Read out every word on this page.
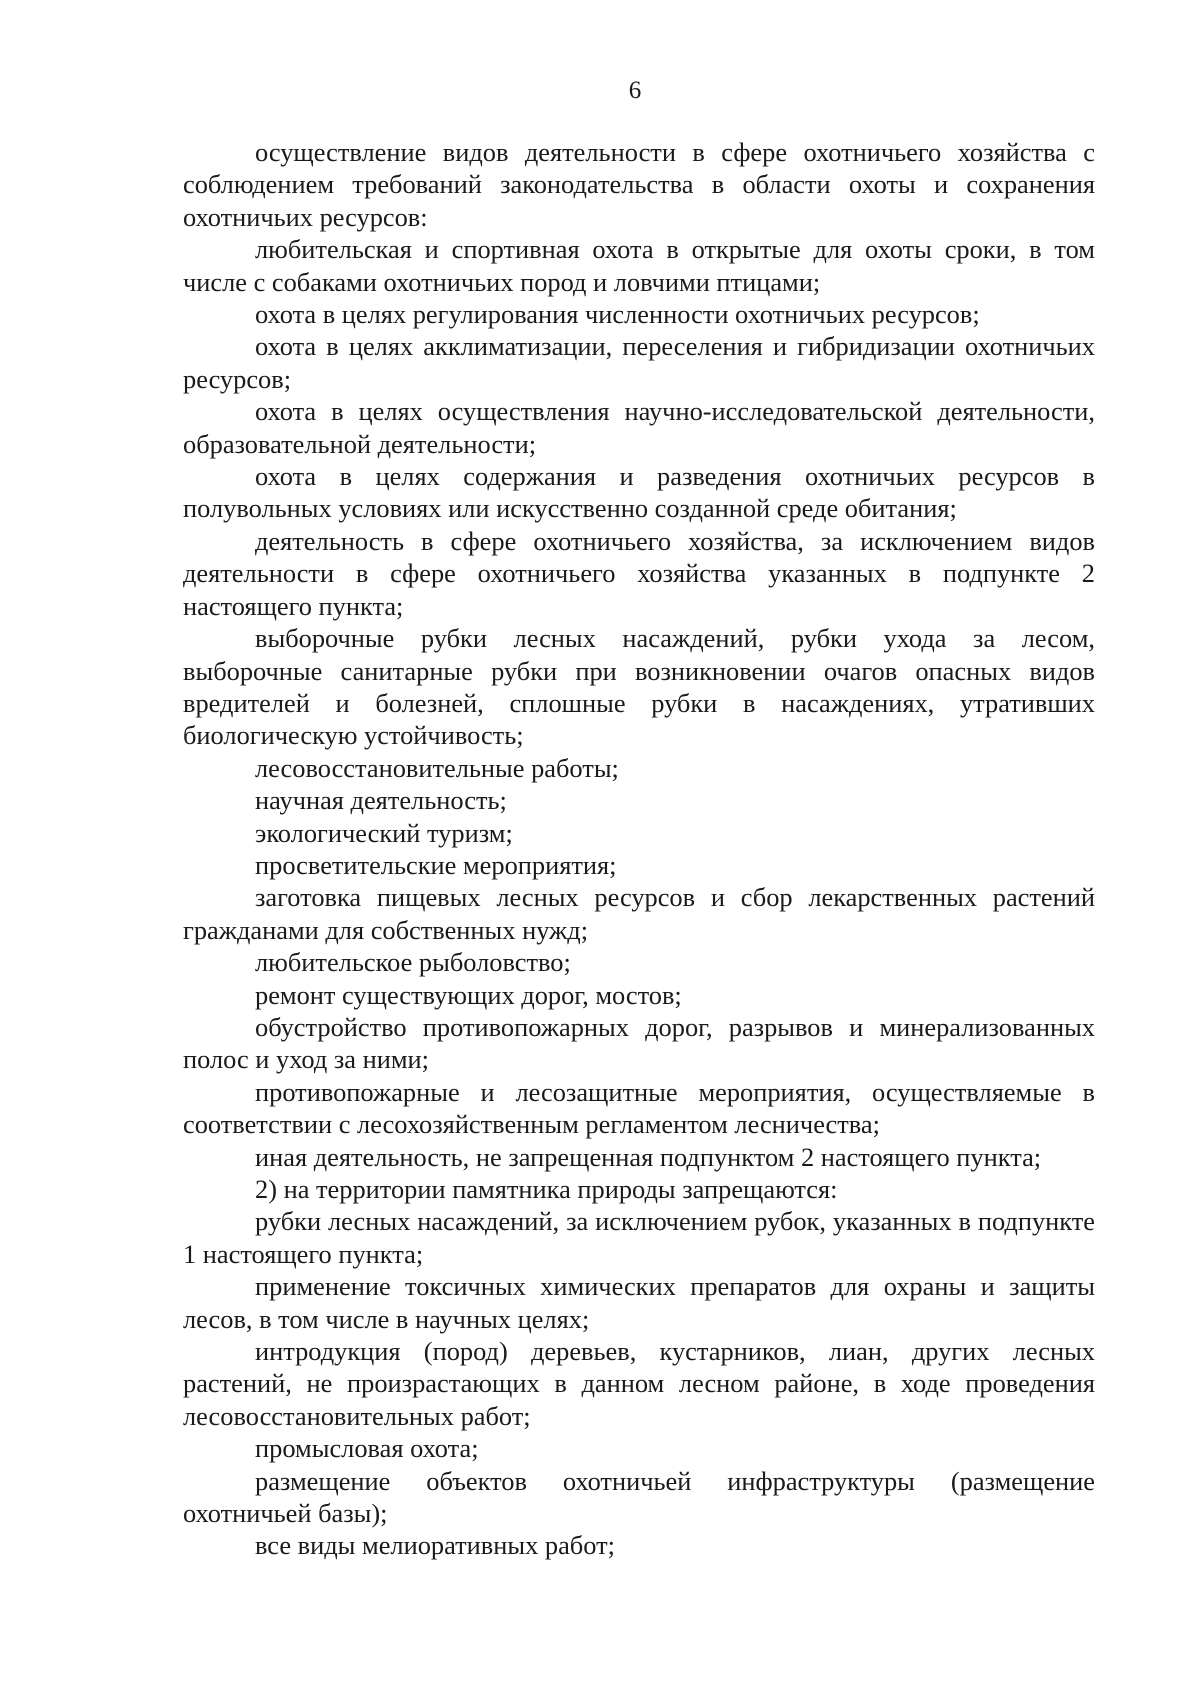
6

осуществление видов деятельности в сфере охотничьего хозяйства с соблюдением требований законодательства в области охоты и сохранения охотничьих ресурсов:

любительская и спортивная охота в открытые для охоты сроки, в том числе с собаками охотничьих пород и ловчими птицами;

охота в целях регулирования численности охотничьих ресурсов;

охота в целях акклиматизации, переселения и гибридизации охотничьих ресурсов;

охота в целях осуществления научно-исследовательской деятельности, образовательной деятельности;

охота в целях содержания и разведения охотничьих ресурсов в полувольных условиях или искусственно созданной среде обитания;

деятельность в сфере охотничьего хозяйства, за исключением видов деятельности в сфере охотничьего хозяйства указанных в подпункте 2 настоящего пункта;

выборочные рубки лесных насаждений, рубки ухода за лесом, выборочные санитарные рубки при возникновении очагов опасных видов вредителей и болезней, сплошные рубки в насаждениях, утративших биологическую устойчивость;

лесовосстановительные работы;

научная деятельность;

экологический туризм;

просветительские мероприятия;

заготовка пищевых лесных ресурсов и сбор лекарственных растений гражданами для собственных нужд;

любительское рыболовство;

ремонт существующих дорог, мостов;

обустройство противопожарных дорог, разрывов и минерализованных полос и уход за ними;

противопожарные и лесозащитные мероприятия, осуществляемые в соответствии с лесохозяйственным регламентом лесничества;

иная деятельность, не запрещенная подпунктом 2 настоящего пункта;

2) на территории памятника природы запрещаются:

рубки лесных насаждений, за исключением рубок, указанных в подпункте 1 настоящего пункта;

применение токсичных химических препаратов для охраны и защиты лесов, в том числе в научных целях;

интродукция (пород) деревьев, кустарников, лиан, других лесных растений, не произрастающих в данном лесном районе, в ходе проведения лесовосстановительных работ;

промысловая охота;

размещение объектов охотничьей инфраструктуры (размещение охотничьей базы);

все виды мелиоративных работ;
